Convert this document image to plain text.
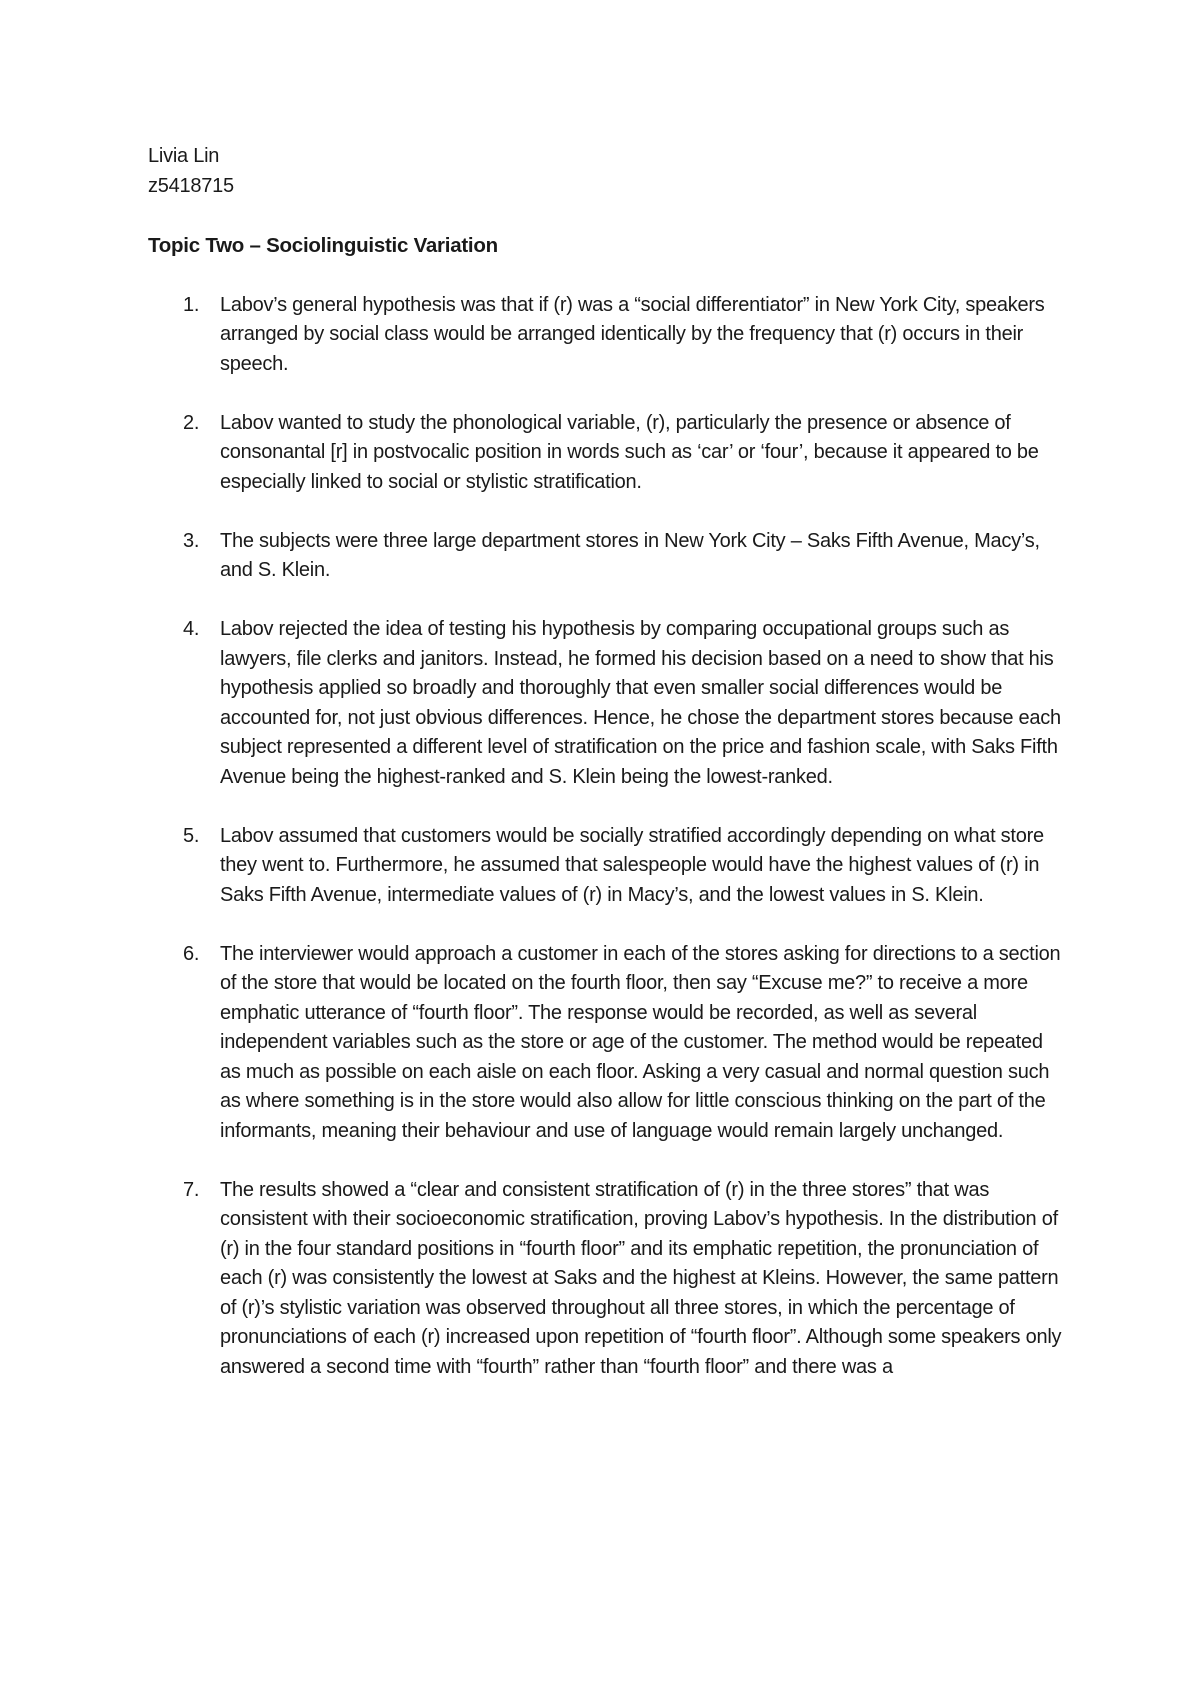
Livia Lin

z5418715

Topic Two – Sociolinguistic Variation

1. Labov’s general hypothesis was that if (r) was a “social differentiator” in New York City, speakers arranged by social class would be arranged identically by the frequency that (r) occurs in their speech.
2. Labov wanted to study the phonological variable, (r), particularly the presence or absence of consonantal [r] in postvocalic position in words such as ‘car’ or ‘four’, because it appeared to be especially linked to social or stylistic stratification.
3. The subjects were three large department stores in New York City – Saks Fifth Avenue, Macy’s, and S. Klein.
4. Labov rejected the idea of testing his hypothesis by comparing occupational groups such as lawyers, file clerks and janitors. Instead, he formed his decision based on a need to show that his hypothesis applied so broadly and thoroughly that even smaller social differences would be accounted for, not just obvious differences. Hence, he chose the department stores because each subject represented a different level of stratification on the price and fashion scale, with Saks Fifth Avenue being the highest-ranked and S. Klein being the lowest-ranked.
5. Labov assumed that customers would be socially stratified accordingly depending on what store they went to. Furthermore, he assumed that salespeople would have the highest values of (r) in Saks Fifth Avenue, intermediate values of (r) in Macy’s, and the lowest values in S. Klein.
6. The interviewer would approach a customer in each of the stores asking for directions to a section of the store that would be located on the fourth floor, then say “Excuse me?” to receive a more emphatic utterance of “fourth floor”. The response would be recorded, as well as several independent variables such as the store or age of the customer. The method would be repeated as much as possible on each aisle on each floor. Asking a very casual and normal question such as where something is in the store would also allow for little conscious thinking on the part of the informants, meaning their behaviour and use of language would remain largely unchanged.
7. The results showed a “clear and consistent stratification of (r) in the three stores” that was consistent with their socioeconomic stratification, proving Labov’s hypothesis. In the distribution of (r) in the four standard positions in “fourth floor” and its emphatic repetition, the pronunciation of each (r) was consistently the lowest at Saks and the highest at Kleins. However, the same pattern of (r)’s stylistic variation was observed throughout all three stores, in which the percentage of pronunciations of each (r) increased upon repetition of “fourth floor”. Although some speakers only answered a second time with “fourth” rather than “fourth floor” and there was a
